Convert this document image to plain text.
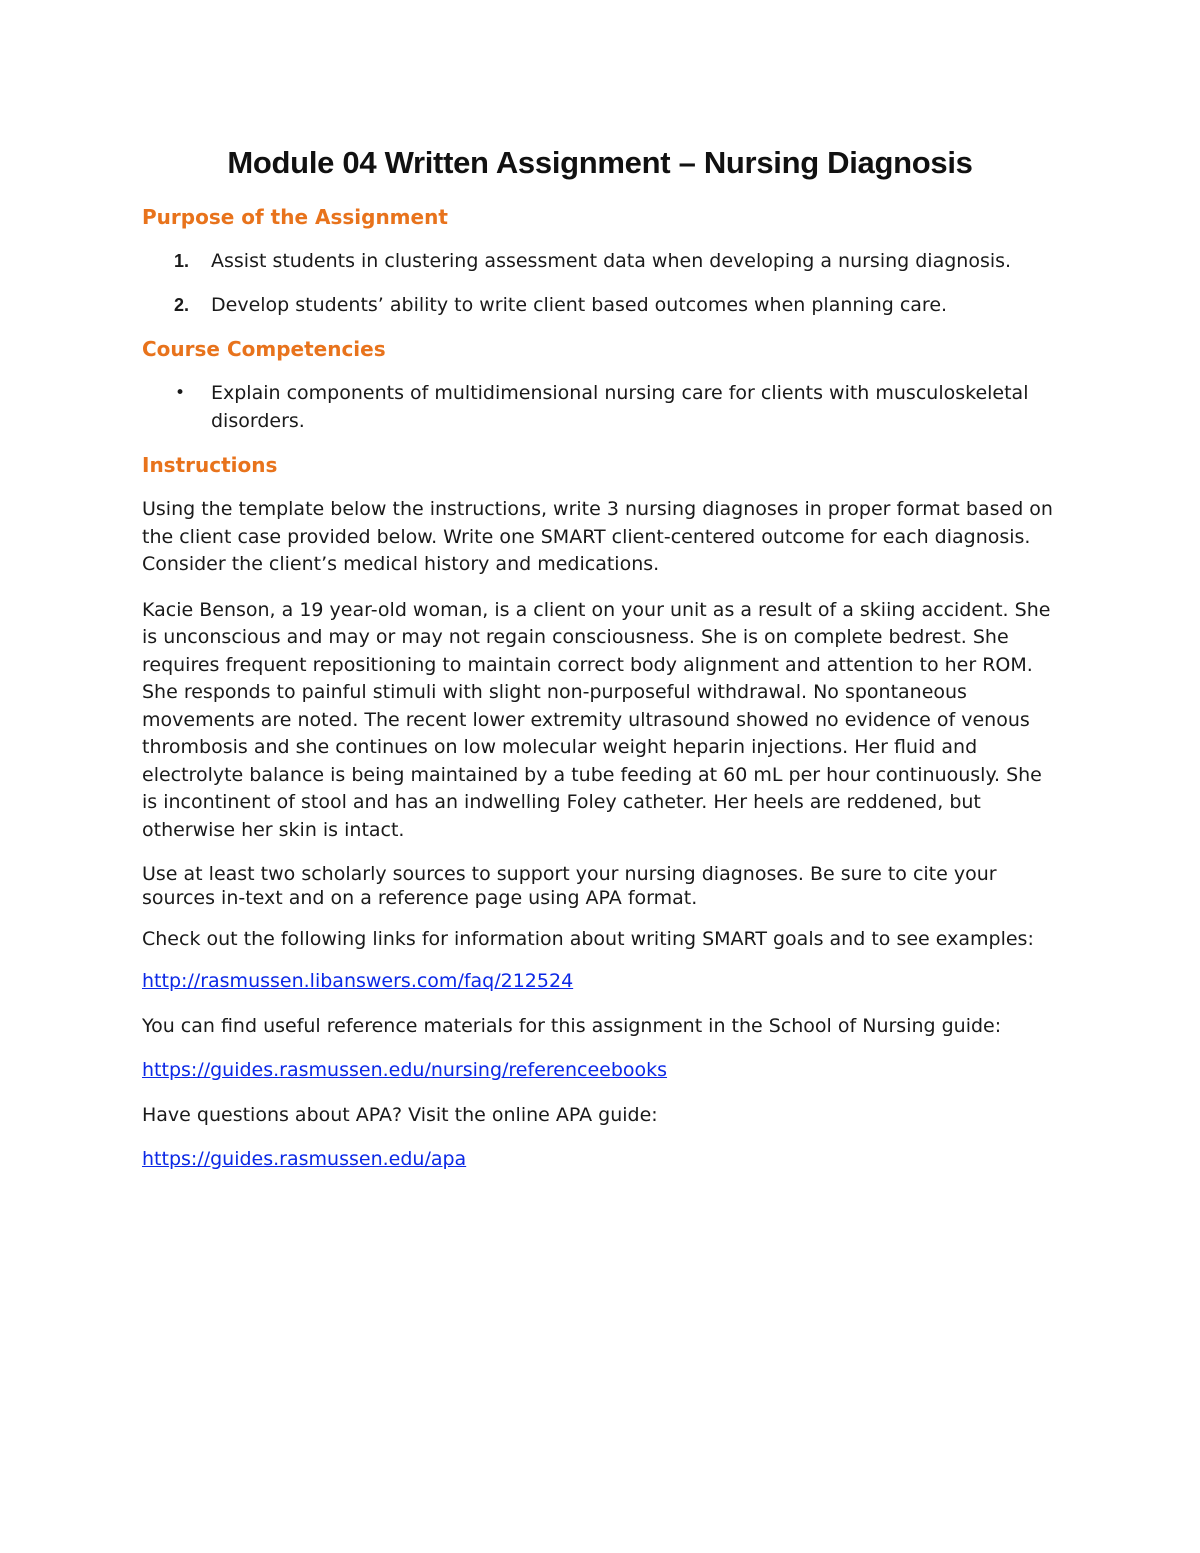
Module 04 Written Assignment – Nursing Diagnosis
Purpose of the Assignment
1. Assist students in clustering assessment data when developing a nursing diagnosis.
2. Develop students’ ability to write client based outcomes when planning care.
Course Competencies
• Explain components of multidimensional nursing care for clients with musculoskeletal disorders.
Instructions

Using the template below the instructions, write 3 nursing diagnoses in proper format based on the client case provided below. Write one SMART client-centered outcome for each diagnosis. Consider the client’s medical history and medications.

Kacie Benson, a 19 year-old woman, is a client on your unit as a result of a skiing accident. She is unconscious and may or may not regain consciousness. She is on complete bedrest. She requires frequent repositioning to maintain correct body alignment and attention to her ROM. She responds to painful stimuli with slight non-purposeful withdrawal. No spontaneous movements are noted. The recent lower extremity ultrasound showed no evidence of venous thrombosis and she continues on low molecular weight heparin injections. Her fluid and electrolyte balance is being maintained by a tube feeding at 60 mL per hour continuously. She is incontinent of stool and has an indwelling Foley catheter. Her heels are reddened, but otherwise her skin is intact.

Use at least two scholarly sources to support your nursing diagnoses. Be sure to cite your sources in-text and on a reference page using APA format.

Check out the following links for information about writing SMART goals and to see examples:

http://rasmussen.libanswers.com/faq/212524

You can find useful reference materials for this assignment in the School of Nursing guide:

https://guides.rasmussen.edu/nursing/referenceebooks

Have questions about APA? Visit the online APA guide:

https://guides.rasmussen.edu/apa
